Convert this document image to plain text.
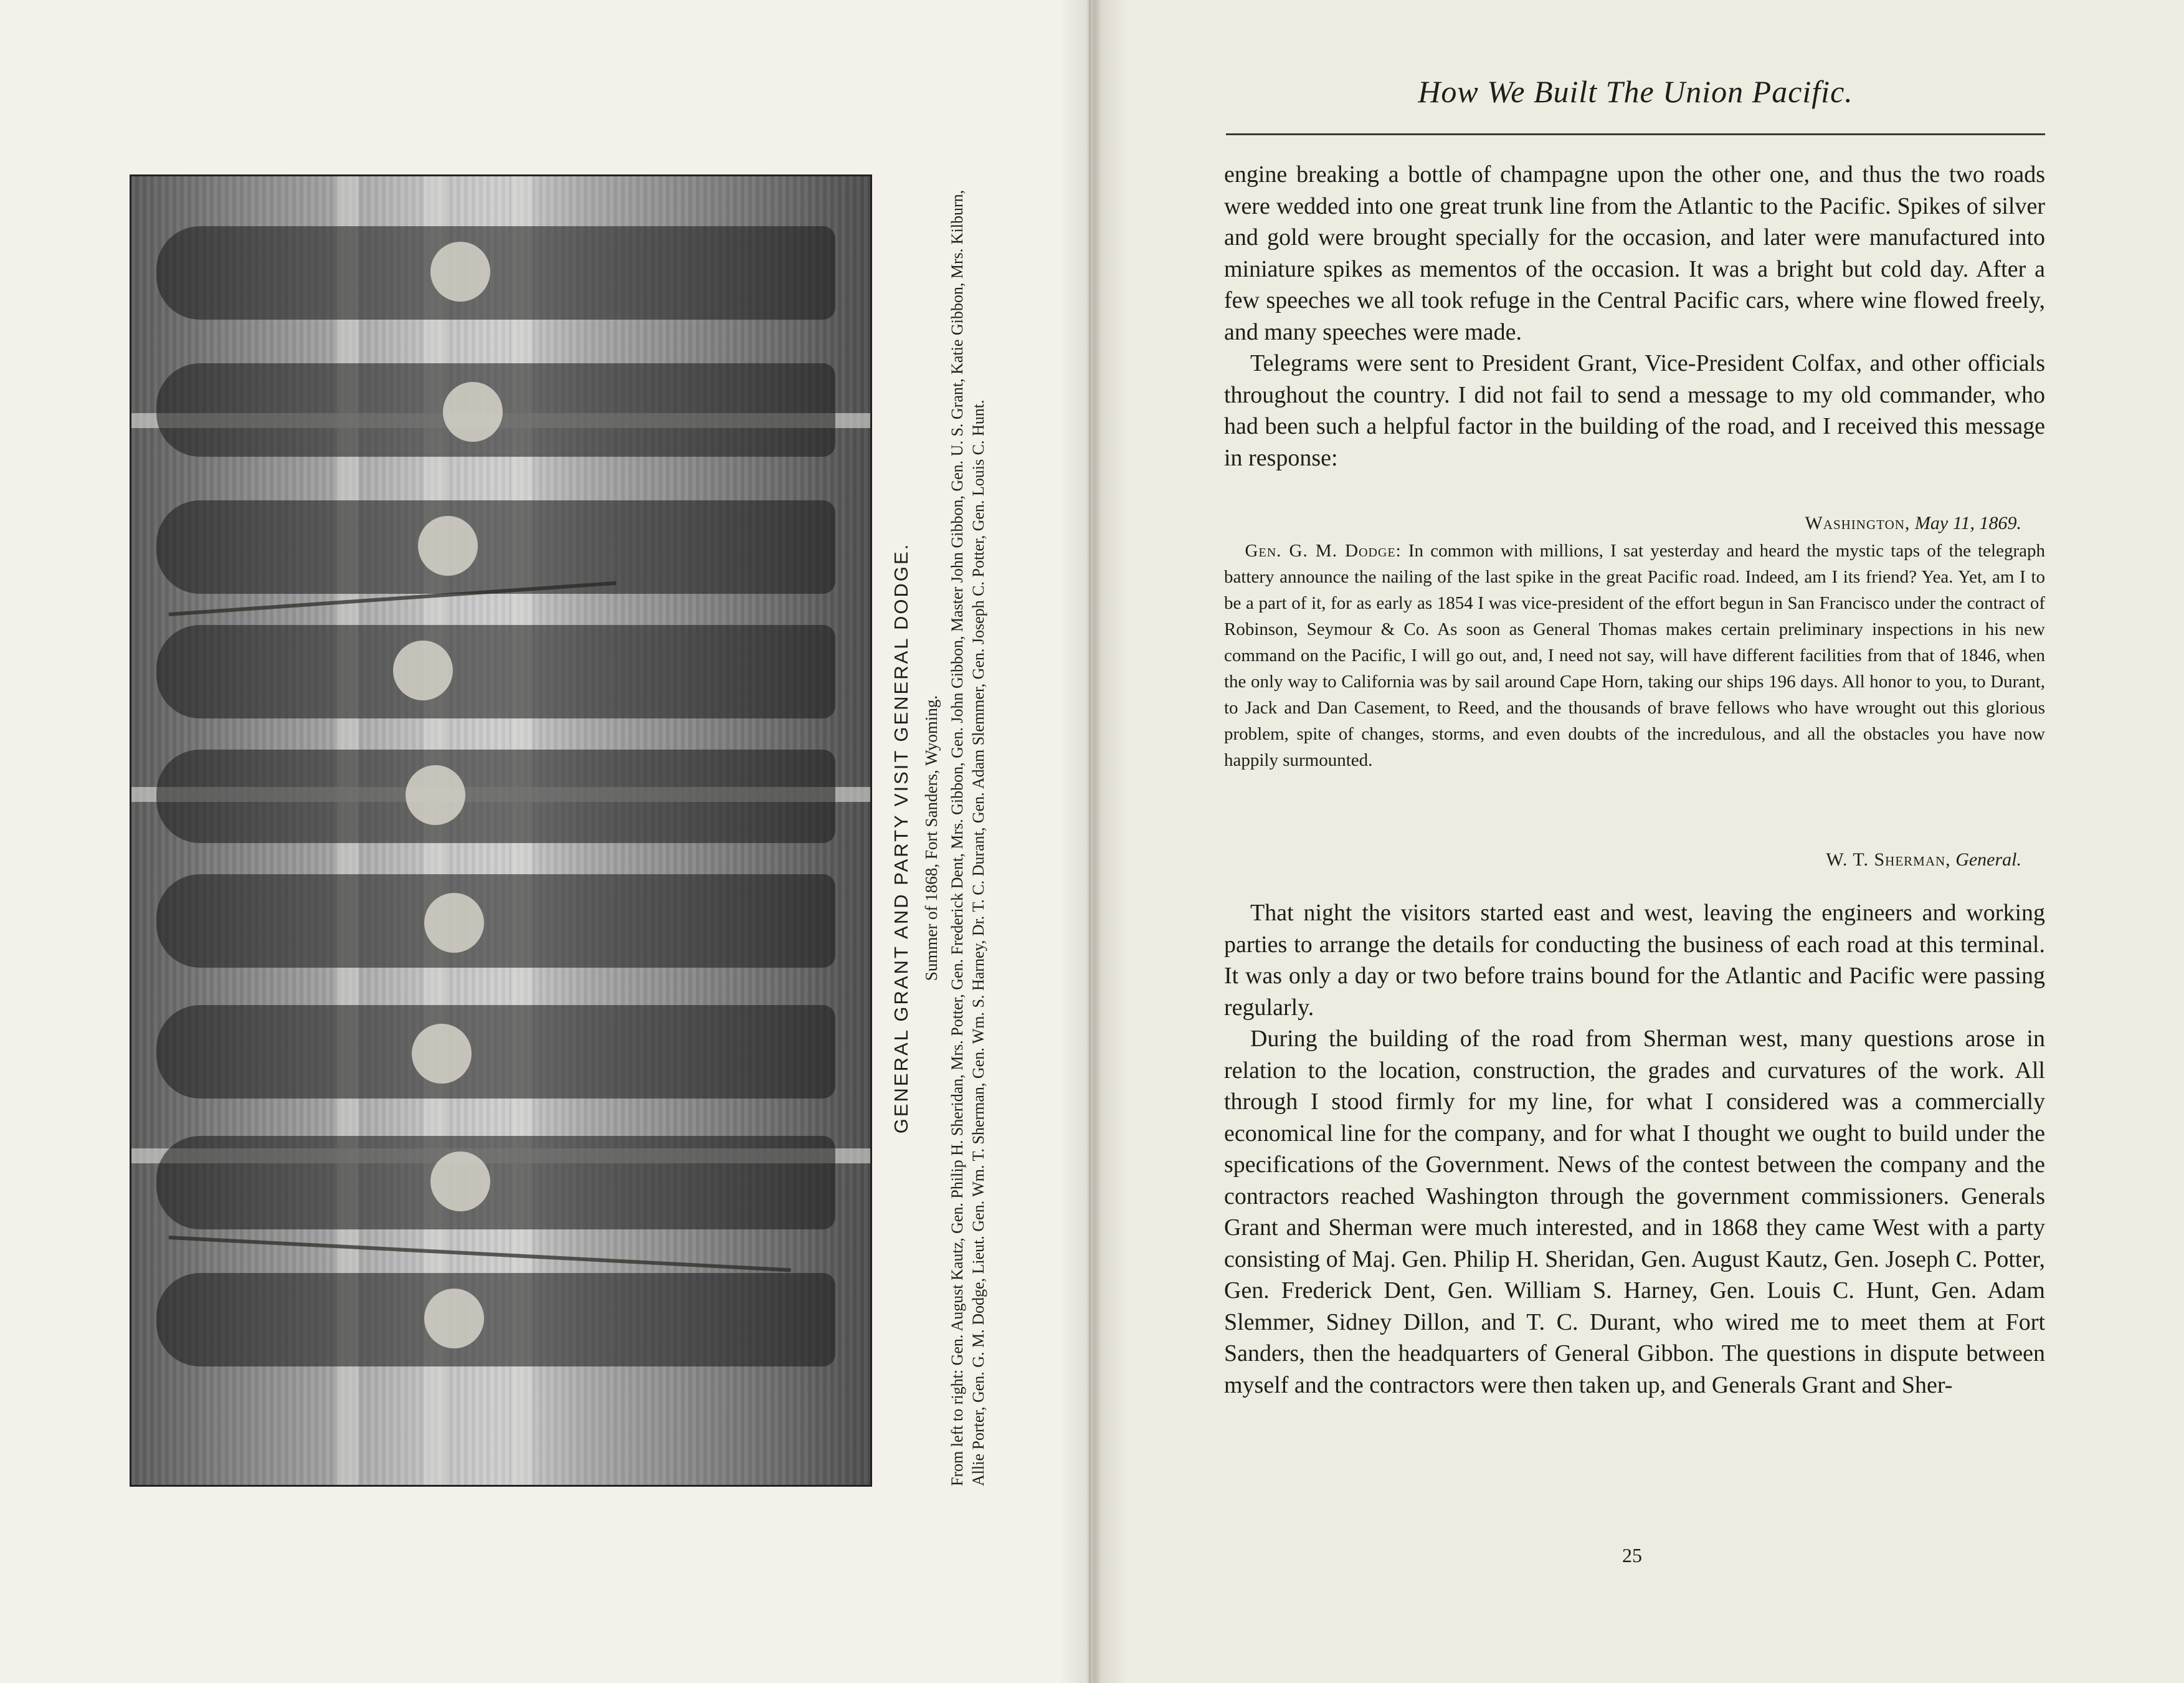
GENERAL GRANT AND PARTY VISIT GENERAL DODGE. Summer of 1868, Fort Sanders, Wyoming. From left to right: Gen. August Kautz, Gen. Philip H. Sheridan, Mrs. Potter, Gen. Frederick Dent, Mrs. Gibbon, Gen. John Gibbon, Master John Gibbon, Gen. U. S. Grant, Katie Gibbon, Mrs. Kilburn, Allie Porter, Gen. G. M. Dodge, Lieut. Gen. Wm. T. Sherman, Gen. Wm. S. Harney, Dr. T. C. Durant, Gen. Adam Slemmer, Gen. Joseph C. Potter, Gen. Louis C. Hunt.
How We Built The Union Pacific.

engine breaking a bottle of champagne upon the other one, and thus the two roads were wedded into one great trunk line from the Atlantic to the Pacific. Spikes of silver and gold were brought specially for the occasion, and later were manufactured into miniature spikes as mementos of the occasion. It was a bright but cold day. After a few speeches we all took refuge in the Central Pacific cars, where wine flowed freely, and many speeches were made.

Telegrams were sent to President Grant, Vice-President Colfax, and other officials throughout the country. I did not fail to send a message to my old commander, who had been such a helpful factor in the building of the road, and I received this message in response:

Washington, May 11, 1869.
Gen. G. M. Dodge: In common with millions, I sat yesterday and heard the mystic taps of the telegraph battery announce the nailing of the last spike in the great Pacific road. Indeed, am I its friend? Yea. Yet, am I to be a part of it, for as early as 1854 I was vice-president of the effort begun in San Francisco under the contract of Robinson, Seymour & Co. As soon as General Thomas makes certain preliminary inspections in his new command on the Pacific, I will go out, and, I need not say, will have different facilities from that of 1846, when the only way to California was by sail around Cape Horn, taking our ships 196 days. All honor to you, to Durant, to Jack and Dan Casement, to Reed, and the thousands of brave fellows who have wrought out this glorious problem, spite of changes, storms, and even doubts of the incredulous, and all the obstacles you have now happily surmounted.
W. T. Sherman, General.

That night the visitors started east and west, leaving the engineers and working parties to arrange the details for conducting the business of each road at this terminal. It was only a day or two before trains bound for the Atlantic and Pacific were passing regularly.

During the building of the road from Sherman west, many questions arose in relation to the location, construction, the grades and curvatures of the work. All through I stood firmly for my line, for what I considered was a commercially economical line for the company, and for what I thought we ought to build under the specifications of the Government. News of the contest between the company and the contractors reached Washington through the government commissioners. Generals Grant and Sherman were much interested, and in 1868 they came West with a party consisting of Maj. Gen. Philip H. Sheridan, Gen. August Kautz, Gen. Joseph C. Potter, Gen. Frederick Dent, Gen. William S. Harney, Gen. Louis C. Hunt, Gen. Adam Slemmer, Sidney Dillon, and T. C. Durant, who wired me to meet them at Fort Sanders, then the headquarters of General Gibbon. The questions in dispute between myself and the contractors were then taken up, and Generals Grant and Sher-

25
